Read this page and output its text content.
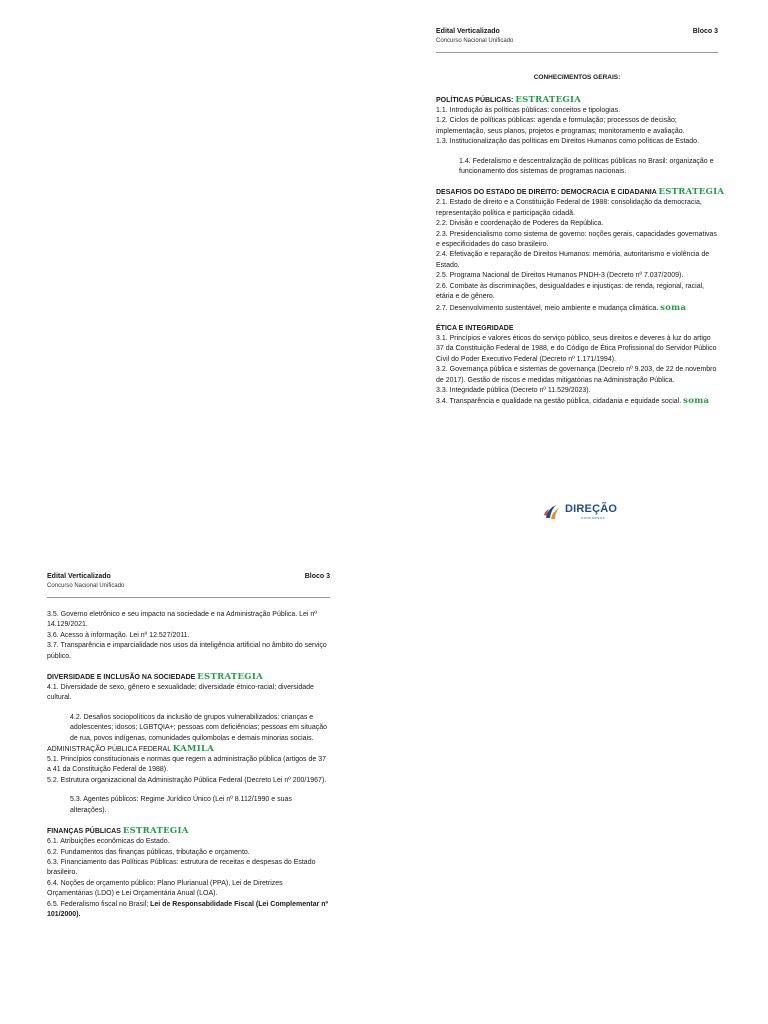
Edital Verticalizado
Concurso Nacional Unificado
Bloco 3

CONHECIMENTOS GERAIS:

POLÍTICAS PÚBLICAS: ESTRATEGIA

1.1. Introdução às políticas públicas: conceitos e tipologias.

1.2. Ciclos de políticas públicas: agenda e formulação; processos de decisão; implementação, seus planos, projetos e programas; monitoramento e avaliação.

1.3. Institucionalização das políticas em Direitos Humanos como políticas de Estado.

1.4. Federalismo e descentralização de políticas públicas no Brasil: organização e funcionamento dos sistemas de programas nacionais.

DESAFIOS DO ESTADO DE DIREITO: DEMOCRACIA E CIDADANIA ESTRATEGIA

2.1. Estado de direito e a Constituição Federal de 1988: consolidação da democracia, representação política e participação cidadã.

2.2. Divisão e coordenação de Poderes da República.

2.3. Presidencialismo como sistema de governo: noções gerais, capacidades governativas e especificidades do caso brasileiro.

2.4. Efetivação e reparação de Direitos Humanos: memória, autoritarismo e violência de Estado.

2.5. Programa Nacional de Direitos Humanos PNDH-3 (Decreto nº 7.037/2009).

2.6. Combate às discriminações, desigualdades e injustiças: de renda, regional, racial, etária e de gênero.

2.7. Desenvolvimento sustentável, meio ambiente e mudança climática. soma

ÉTICA E INTEGRIDADE

3.1. Princípios e valores éticos do serviço público, seus direitos e deveres à luz do artigo 37 da Constituição Federal de 1988, e do Código de Ética Profissional do Servidor Público Civil do Poder Executivo Federal (Decreto nº 1.171/1994).

3.2. Governança pública e sistemas de governança (Decreto nº 9.203, de 22 de novembro de 2017). Gestão de riscos e medidas mitigatórias na Administração Pública.

3.3. Integridade pública (Decreto nº 11.529/2023).

3.4. Transparência e qualidade na gestão pública, cidadania e equidade social. soma

DIREÇÃO
CONCURSOS
Edital Verticalizado
Concurso Nacional Unificado
Bloco 3

3.5. Governo eletrônico e seu impacto na sociedade e na Administração Pública. Lei nº 14.129/2021.

3.6. Acesso à informação. Lei nº 12.527/2011.

3.7. Transparência e imparcialidade nos usos da inteligência artificial no âmbito do serviço público.

DIVERSIDADE E INCLUSÃO NA SOCIEDADE ESTRATEGIA

4.1. Diversidade de sexo, gênero e sexualidade; diversidade étnico-racial; diversidade cultural.

4.2. Desafios sociopolíticos da inclusão de grupos vulnerabilizados: crianças e adolescentes; idosos; LGBTQIA+; pessoas com deficiências; pessoas em situação de rua, povos indígenas, comunidades quilombolas e demais minorias sociais.

ADMINISTRAÇÃO PÚBLICA FEDERAL KAMILA

5.1. Princípios constitucionais e normas que regem a administração pública (artigos de 37 a 41 da Constituição Federal de 1988).

5.2. Estrutura organizacional da Administração Pública Federal (Decreto Lei nº 200/1967).

5.3. Agentes públicos: Regime Jurídico Único (Lei nº 8.112/1990 e suas alterações).

FINANÇAS PÚBLICAS ESTRATEGIA

6.1. Atribuições econômicas do Estado.

6.2. Fundamentos das finanças públicas, tributação e orçamento.

6.3. Financiamento das Políticas Públicas: estrutura de receitas e despesas do Estado brasileiro.

6.4. Noções de orçamento público: Plano Plurianual (PPA), Lei de Diretrizes Orçamentárias (LDO) e Lei Orçamentária Anual (LOA).

6.5. Federalismo fiscal no Brasil; Lei de Responsabilidade Fiscal (Lei Complementar nº 101/2000).
